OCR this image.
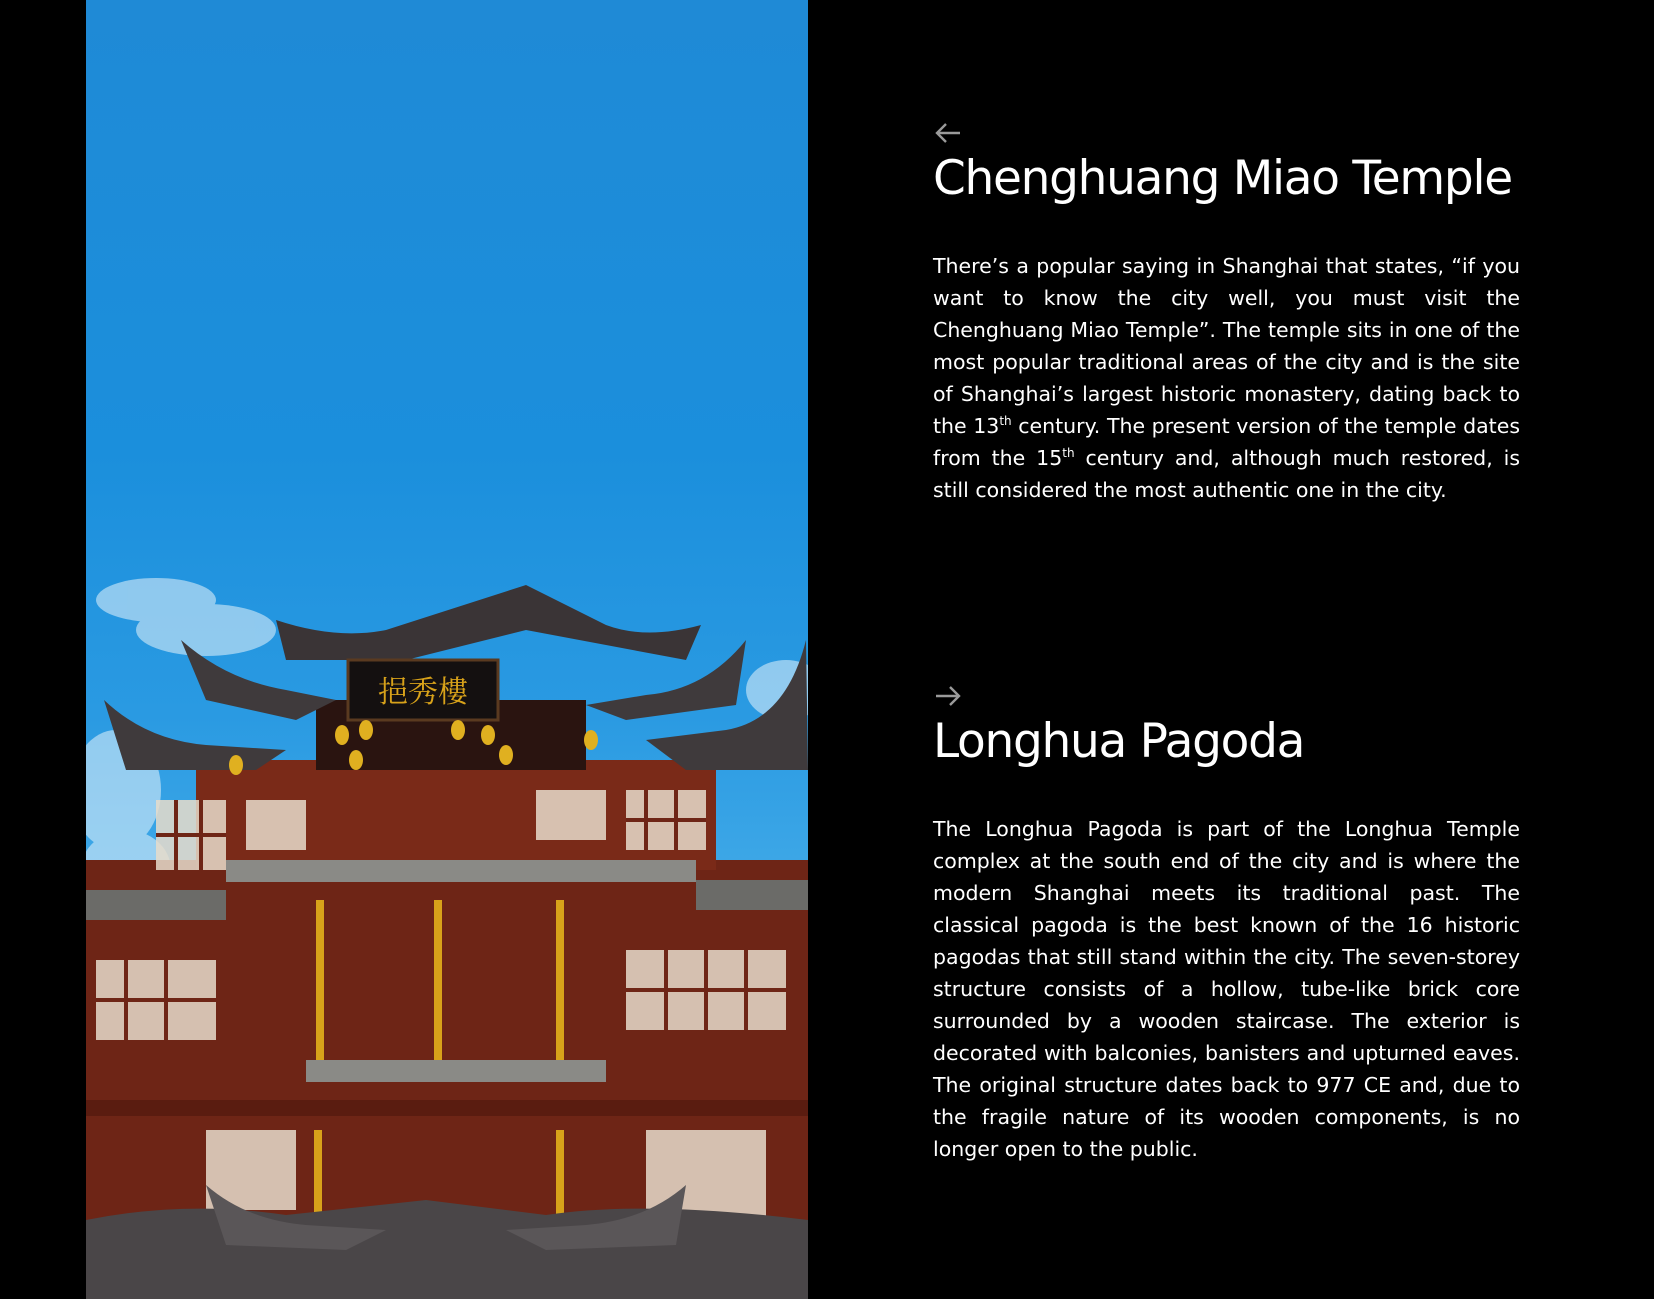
挹秀樓
Chenghuang Miao Temple

There’s a popular saying in Shanghai that states, “if you want to know the city well, you must visit the Chenghuang Miao Temple”. The temple sits in one of the most popular traditional areas of the city and is the site of Shanghai’s largest historic monastery, dating back to the 13th century. The present version of the temple dates from the 15th century and, although much restored, is still considered the most authentic one in the city.

Longhua Pagoda

The Longhua Pagoda is part of the Longhua Temple complex at the south end of the city and is where the modern Shanghai meets its traditional past. The classical pagoda is the best known of the 16 historic pagodas that still stand within the city. The seven-storey structure consists of a hollow, tube-like brick core surrounded by a wooden staircase. The exterior is decorated with balconies, banisters and upturned eaves. The original structure dates back to 977 CE and, due to the fragile nature of its wooden components, is no longer open to the public.
